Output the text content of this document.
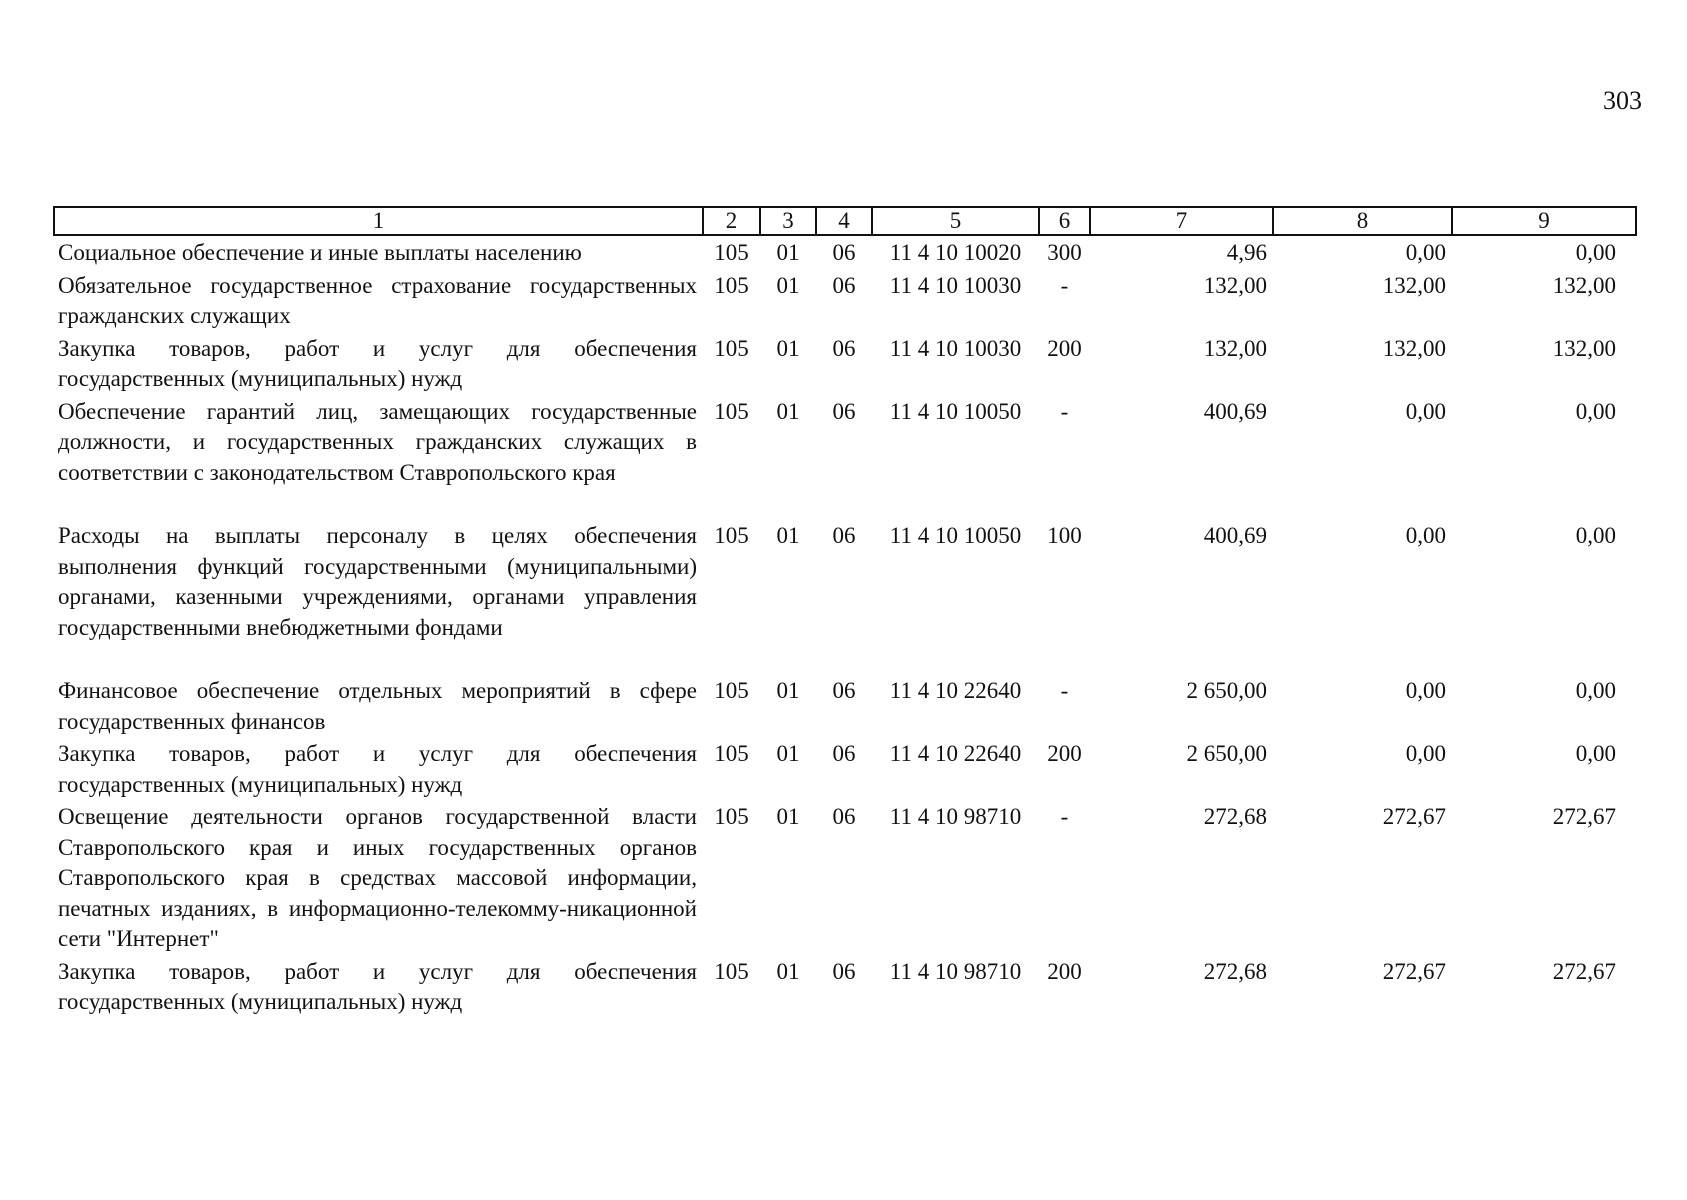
303
1	2	3	4	5	6	7	8	9
Социальное обеспечение и иные выплаты населению	105	01	06	11 4 10 10020	300	4,96	0,00	0,00
Обязательное государственное страхование государственных гражданских служащих	105	01	06	11 4 10 10030	-	132,00	132,00	132,00
Закупка товаров, работ и услуг для обеспечения государственных (муниципальных) нужд	105	01	06	11 4 10 10030	200	132,00	132,00	132,00
Обеспечение гарантий лиц, замещающих государственные должности, и государственных гражданских служащих в соответствии с законодательством Ставропольского края	105	01	06	11 4 10 10050	-	400,69	0,00	0,00
Расходы на выплаты персоналу в целях обеспечения выполнения функций государственными (муниципальными) органами, казенными учреждениями, органами управления государственными внебюджетными фондами	105	01	06	11 4 10 10050	100	400,69	0,00	0,00
Финансовое обеспечение отдельных мероприятий в сфере государственных финансов	105	01	06	11 4 10 22640	-	2 650,00	0,00	0,00
Закупка товаров, работ и услуг для обеспечения государственных (муниципальных) нужд	105	01	06	11 4 10 22640	200	2 650,00	0,00	0,00
Освещение деятельности органов государственной власти Ставропольского края и иных государственных органов Ставропольского края в средствах массовой информации, печатных изданиях, в информационно-телекомму-никационной сети "Интернет"	105	01	06	11 4 10 98710	-	272,68	272,67	272,67
Закупка товаров, работ и услуг для обеспечения государственных (муниципальных) нужд	105	01	06	11 4 10 98710	200	272,68	272,67	272,67
